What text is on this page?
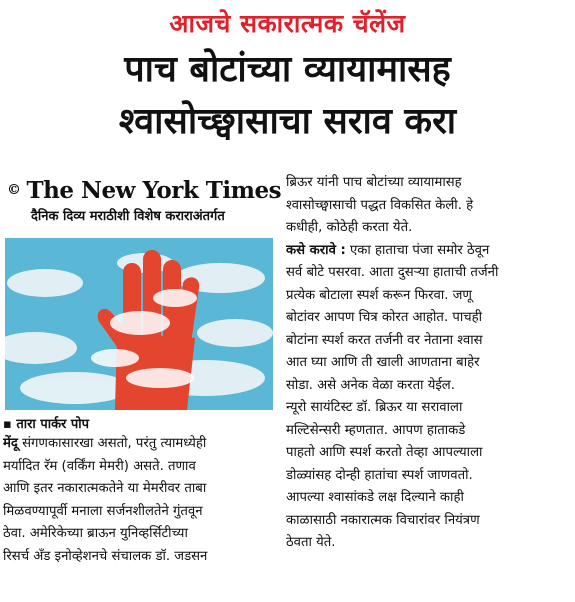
आजचे सकारात्मक चॅलेंज
पाच बोटांच्या व्यायामासह
श्वासोच्छ्वासाचा सराव करा
© The New York Times
दैनिक दिव्य मराठीशी विशेष कराराअंतर्गत
▪ तारा पार्कर पोप
मेंदू संगणकासारखा असतो, परंतु त्यामध्येही
मर्यादित रॅम (वर्किंग मेमरी) असते. तणाव
आणि इतर नकारात्मकतेने या मेमरीवर ताबा
मिळवण्यापूर्वी मनाला सर्जनशीलतेने गुंतवून
ठेवा. अमेरिकेच्या ब्राऊन युनिव्हर्सिटीच्या
रिसर्च अँड इनोव्हेशनचे संचालक डॉ. जडसन
ब्रिऊर यांनी पाच बोटांच्या व्यायामासह
श्वासोच्छ्वासाची पद्धत विकसित केली. हे
कधीही, कोठेही करता येते.
कसे करावे : एका हाताचा पंजा समोर ठेवून
सर्व बोटे पसरवा. आता दुसऱ्या हाताची तर्जनी
प्रत्येक बोटाला स्पर्श करून फिरवा. जणू
बोटांवर आपण चित्र कोरत आहोत. पाचही
बोटांना स्पर्श करत तर्जनी वर नेताना श्वास
आत घ्या आणि ती खाली आणताना बाहेर
सोडा. असे अनेक वेळा करता येईल.
न्यूरो सायंटिस्ट डॉ. ब्रिऊर या सरावाला
मल्टिसेन्सरी म्हणतात. आपण हाताकडे
पाहतो आणि स्पर्श करतो तेव्हा आपल्याला
डोळ्यांसह दोन्ही हातांचा स्पर्श जाणवतो.
आपल्या श्वासांकडे लक्ष दिल्याने काही
काळासाठी नकारात्मक विचारांवर नियंत्रण
ठेवता येते.
